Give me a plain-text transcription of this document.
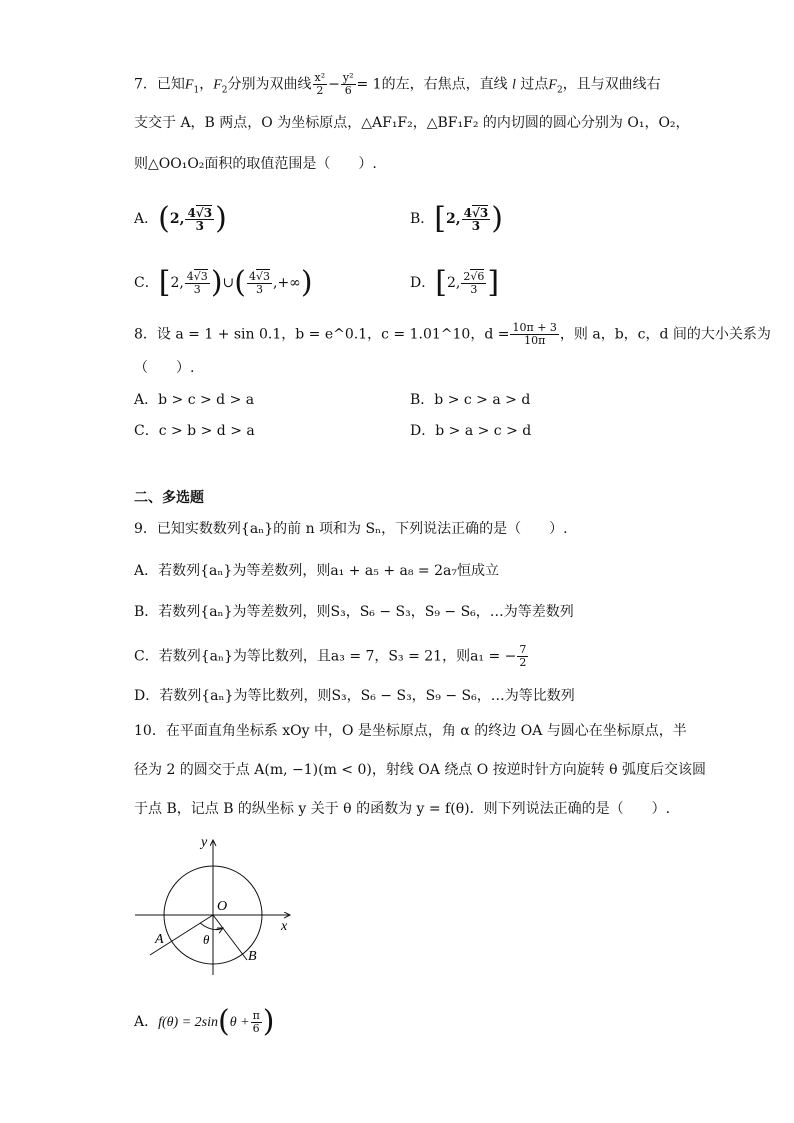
7．已知$F_1$，$F_2$分别为双曲线 $\frac{\text{x²}}{2} - \frac{\text{y²}}{6} = 1$的左，右焦点，直线 l 过点$F_2$，且与双曲线右
支交于 A，B 两点，O 为坐标原点，△AF₁F₂，△BF₁F₂ 的内切圆的圆心分别为 O₁，O₂，
则△OO₁O₂面积的取值范围是（　　）.
A．(2, $\frac{4√3}{3}$ )	B．[2, $\frac{4√3}{3}$ )
C．[2, $\frac{4√3}{3}$ )∪( $\frac{4√3}{3}$ ,+∞)	D．[2, $\frac{2√6}{3}$ ]
8．设 a = 1 + sin 0.1，b = e^0.1，c = 1.01^10，$d = \frac{10\pi + 3}{10\pi}$ ，则 a，b，c，d 间的大小关系为
（　　）.
A．b > c > d > a	B．b > c > a > d
C．c > b > d > a	D．b > a > c > d
二、多选题
9．已知实数数列{aₙ}的前 n 项和为 Sₙ，下列说法正确的是（　　）.
A．若数列{aₙ}为等差数列，则a₁ + a₅ + a₈ = 2a₇恒成立
B．若数列{aₙ}为等差数列，则S₃，S₆ − S₃，S₉ − S₆，…为等差数列
C．若数列{aₙ}为等比数列，且a₃ = 7，S₃ = 21，则a₁ = − $\frac{7}{2}$
D．若数列{aₙ}为等比数列，则S₃，S₆ − S₃，S₉ − S₆，…为等比数列
10．在平面直角坐标系 xOy 中，O 是坐标原点，角 α 的终边 OA 与圆心在坐标原点，半
径为 2 的圆交于点 A(m, −1)(m < 0)，射线 OA 绕点 O 按逆时针方向旋转 θ 弧度后交该圆
于点 B，记点 B 的纵坐标 y 关于 θ 的函数为 y = f(θ)．则下列说法正确的是（　　）.
y
x
O
A
B
θ
A．$f(\theta) = 2\sin(\theta + \frac{\pi}{6}$ )
